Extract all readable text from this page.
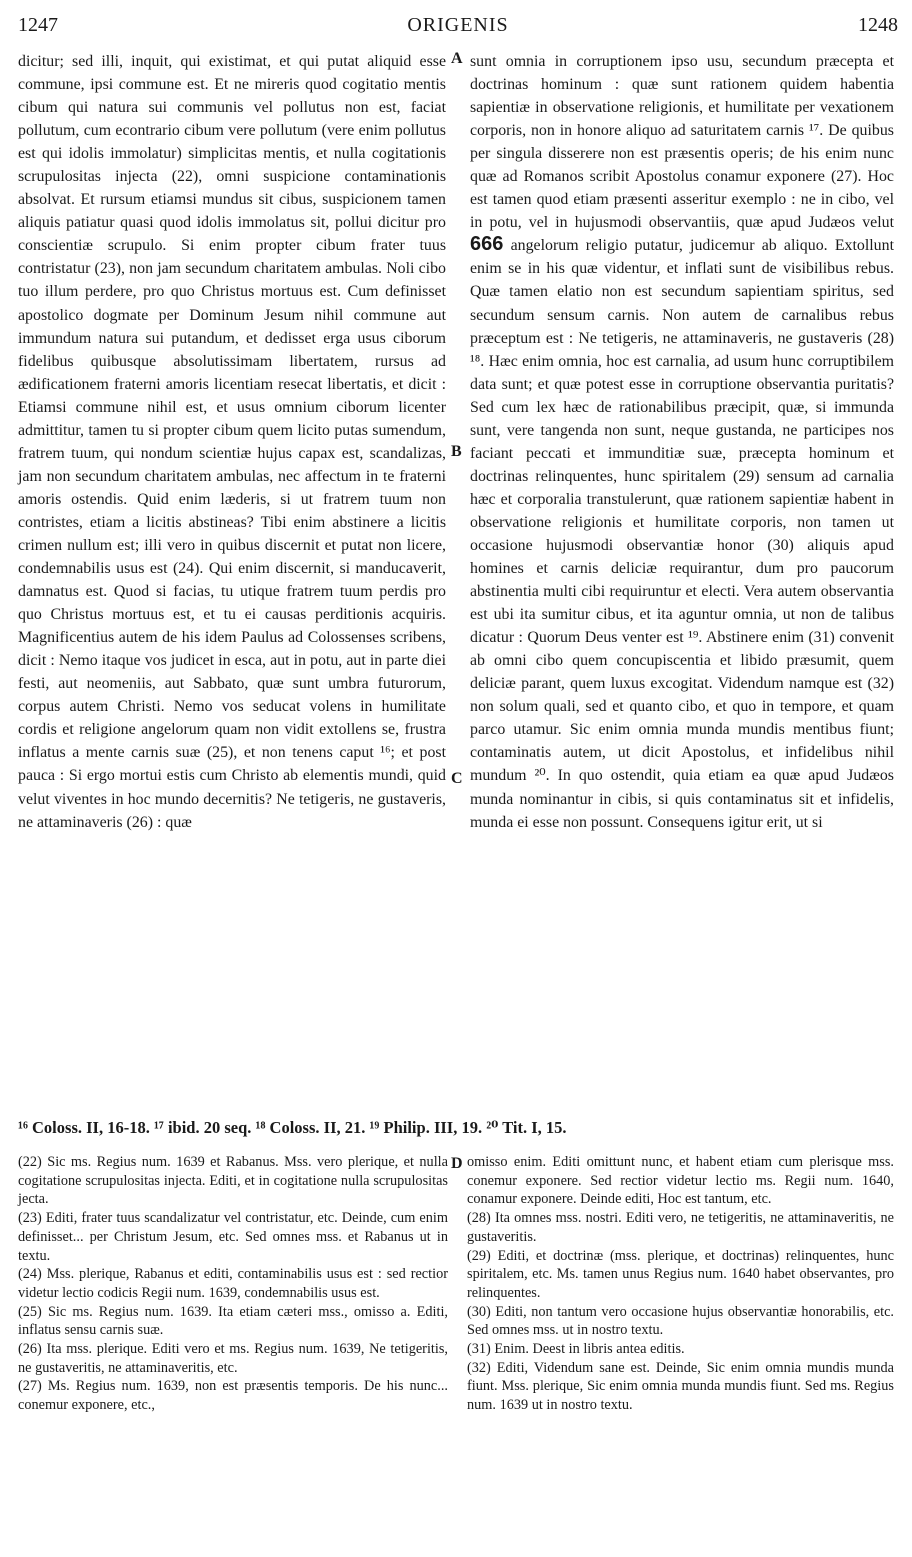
1247	ORIGENIS	1248

dicitur; sed illi, inquit, qui existimat, et qui putat aliquid esse commune, ipsi commune est. Et ne mireris quod cogitatio mentis cibum qui natura sui communis vel pollutus non est, faciat pollutum, cum econtrario cibum vere pollutum (vere enim pollutus est qui idolis immolatur) simplicitas mentis, et nulla cogitationis scrupulositas injecta (22), omni suspicione contaminationis absolvat. Et rursum etiamsi mundus sit cibus, suspicionem tamen aliquis patiatur quasi quod idolis immolatus sit, pollui dicitur pro conscientiæ scrupulo. Si enim propter cibum frater tuus contristatur (23), non jam secundum charitatem ambulas. Noli cibo tuo illum perdere, pro quo Christus mortuus est. Cum definisset apostolico dogmate per Dominum Jesum nihil commune aut immundum natura sui putandum, et dedisset erga usus ciborum fidelibus quibusque absolutissimam libertatem, rursus ad ædificationem fraterni amoris licentiam resecat libertatis, et dicit : Etiamsi commune nihil est, et usus omnium ciborum licenter admittitur, tamen tu si propter cibum quem licito putas sumendum, fratrem tuum, qui nondum scientiæ hujus capax est, scandalizas, jam non secundum charitatem ambulas, nec affectum in te fraterni amoris ostendis. Quid enim læderis, si ut fratrem tuum non contristes, etiam a licitis abstineas? Tibi enim abstinere a licitis crimen nullum est; illi vero in quibus discernit et putat non licere, condemnabilis usus est (24). Qui enim discernit, si manducaverit, damnatus est. Quod si facias, tu utique fratrem tuum perdis pro quo Christus mortuus est, et tu ei causas perditionis acquiris. Magnificentius autem de his idem Paulus ad Colossenses scribens, dicit : Nemo itaque vos judicet in esca, aut in potu, aut in parte diei festi, aut neomeniis, aut Sabbato, quæ sunt umbra futurorum, corpus autem Christi. Nemo vos seducat volens in humilitate cordis et religione angelorum quam non vidit extollens se, frustra inflatus a mente carnis suæ (25), et non tenens caput ¹⁶; et post pauca : Si ergo mortui estis cum Christo ab elementis mundi, quid velut viventes in hoc mundo decernitis? Ne tetigeris, ne gustaveris, ne attaminaveris (26) : quæ

sunt omnia in corruptionem ipso usu, secundum præcepta et doctrinas hominum : quæ sunt rationem quidem habentia sapientiæ in observatione religionis, et humilitate per vexationem corporis, non in honore aliquo ad saturitatem carnis ¹⁷. De quibus per singula disserere non est præsentis operis; de his enim nunc quæ ad Romanos scribit Apostolus conamur exponere (27). Hoc est tamen quod etiam præsenti asseritur exemplo : ne in cibo, vel in potu, vel in hujusmodi observantiis, quæ apud Judæos velut 666 angelorum religio putatur, judicemur ab aliquo. Extollunt enim se in his quæ videntur, et inflati sunt de visibilibus rebus. Quæ tamen elatio non est secundum sapientiam spiritus, sed secundum sensum carnis. Non autem de carnalibus rebus præceptum est : Ne tetigeris, ne attaminaveris, ne gustaveris (28) ¹⁸. Hæc enim omnia, hoc est carnalia, ad usum hunc corruptibilem data sunt; et quæ potest esse in corruptione observantia puritatis? Sed cum lex hæc de rationabilibus præcipit, quæ, si immunda sunt, vere tangenda non sunt, neque gustanda, ne participes nos faciant peccati et immunditiæ suæ, præcepta hominum et doctrinas relinquentes, hunc spiritalem (29) sensum ad carnalia hæc et corporalia transtulerunt, quæ rationem sapientiæ habent in observatione religionis et humilitate corporis, non tamen ut occasione hujusmodi observantiæ honor (30) aliquis apud homines et carnis deliciæ requirantur, dum pro paucorum abstinentia multi cibi requiruntur et electi. Vera autem observantia est ubi ita sumitur cibus, et ita aguntur omnia, ut non de talibus dicatur : Quorum Deus venter est ¹⁹. Abstinere enim (31) convenit ab omni cibo quem concupiscentia et libido præsumit, quem deliciæ parant, quem luxus excogitat. Videndum namque est (32) non solum quali, sed et quanto cibo, et quo in tempore, et quam parco utamur. Sic enim omnia munda mundis mentibus fiunt; contaminatis autem, ut dicit Apostolus, et infidelibus nihil mundum ²⁰. In quo ostendit, quia etiam ea quæ apud Judæos munda nominantur in cibis, si quis contaminatus sit et infidelis, munda ei esse non possunt. Consequens igitur erit, ut si

A
B
C
D
¹⁶ Coloss. II, 16-18. ¹⁷ ibid. 20 seq. ¹⁸ Coloss. II, 21. ¹⁹ Philip. III, 19. ²⁰ Tit. I, 15.

(22) Sic ms. Regius num. 1639 et Rabanus. Mss. vero plerique, et nulla cogitatione scrupulositas injecta. Editi, et in cogitatione nulla scrupulositas jecta.

(23) Editi, frater tuus scandalizatur vel contristatur, etc. Deinde, cum enim definisset... per Christum Jesum, etc. Sed omnes mss. et Rabanus ut in textu.

(24) Mss. plerique, Rabanus et editi, contaminabilis usus est : sed rectior videtur lectio codicis Regii num. 1639, condemnabilis usus est.

(25) Sic ms. Regius num. 1639. Ita etiam cæteri mss., omisso a. Editi, inflatus sensu carnis suæ.

(26) Ita mss. plerique. Editi vero et ms. Regius num. 1639, Ne tetigeritis, ne gustaveritis, ne attaminaveritis, etc.

(27) Ms. Regius num. 1639, non est præsentis temporis. De his nunc... conemur exponere, etc.,

omisso enim. Editi omittunt nunc, et habent etiam cum plerisque mss. conemur exponere. Sed rectior videtur lectio ms. Regii num. 1640, conamur exponere. Deinde editi, Hoc est tantum, etc.

(28) Ita omnes mss. nostri. Editi vero, ne tetigeritis, ne attaminaveritis, ne gustaveritis.

(29) Editi, et doctrinæ (mss. plerique, et doctrinas) relinquentes, hunc spiritalem, etc. Ms. tamen unus Regius num. 1640 habet observantes, pro relinquentes.

(30) Editi, non tantum vero occasione hujus observantiæ honorabilis, etc. Sed omnes mss. ut in nostro textu.

(31) Enim. Deest in libris antea editis.

(32) Editi, Videndum sane est. Deinde, Sic enim omnia mundis munda fiunt. Mss. plerique, Sic enim omnia munda mundis fiunt. Sed ms. Regius num. 1639 ut in nostro textu.
